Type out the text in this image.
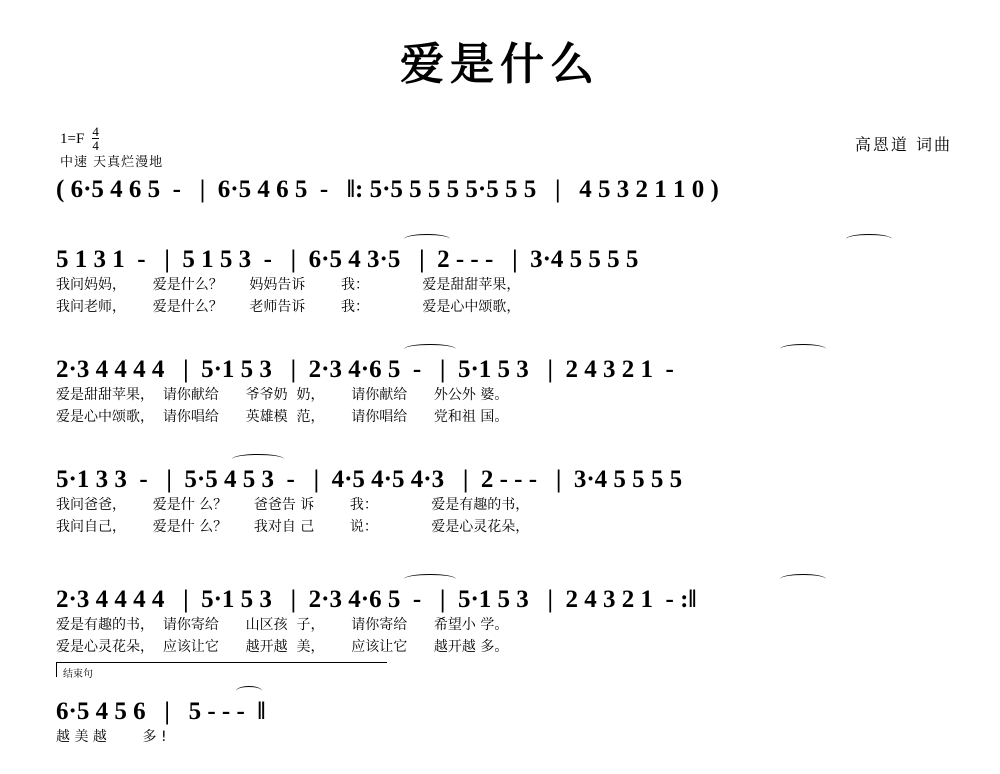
爱是什么
$1=F \frac{4}{4}$
中速 天真烂漫地
高恩道 词曲
( 6·5 4 6 5  -   |  6·5 4 6 5  -   ‖: 5·5 5 5 5 5·5 5 5   |   4 5 3 2 1 1 0 )
5 1 3 1  -   |  5 1 5 3  -   |  6·5 4 3·5   |  2 - - -   |  3·4 5 5 5 5
我问妈妈，      爱是什么？      妈妈告诉        我：            爱是甜甜苹果，
我问老师，      爱是什么？      老师告诉        我：            爱是心中颂歌，
2·3 4 4 4 4   |  5·1 5 3   |  2·3 4·6 5  -   |  5·1 5 3   |  2 4 3 2 1  -
爱是甜甜苹果，  请你献给      爷爷奶  奶，      请你献给      外公外 婆。
爱是心中颂歌，  请你唱给      英雄模  范，      请你唱给      党和祖 国。
5·1 3 3  -   |  5·5 4 5 3  -   |  4·5 4·5 4·3   |  2 - - -   |  3·4 5 5 5 5
我问爸爸，      爱是什 么？      爸爸告 诉        我：            爱是有趣的书，
我问自己，      爱是什 么？      我对自 己        说：            爱是心灵花朵，
2·3 4 4 4 4   |  5·1 5 3   |  2·3 4·6 5  -   |  5·1 5 3   |  2 4 3 2 1  - :‖
爱是有趣的书，  请你寄给      山区孩  子，      请你寄给      希望小 学。
爱是心灵花朵，  应该让它      越开越  美，      应该让它      越开越 多。
结束句
6·5 4 5 6   |   5 - - -  ‖
越 美 越        多 !
